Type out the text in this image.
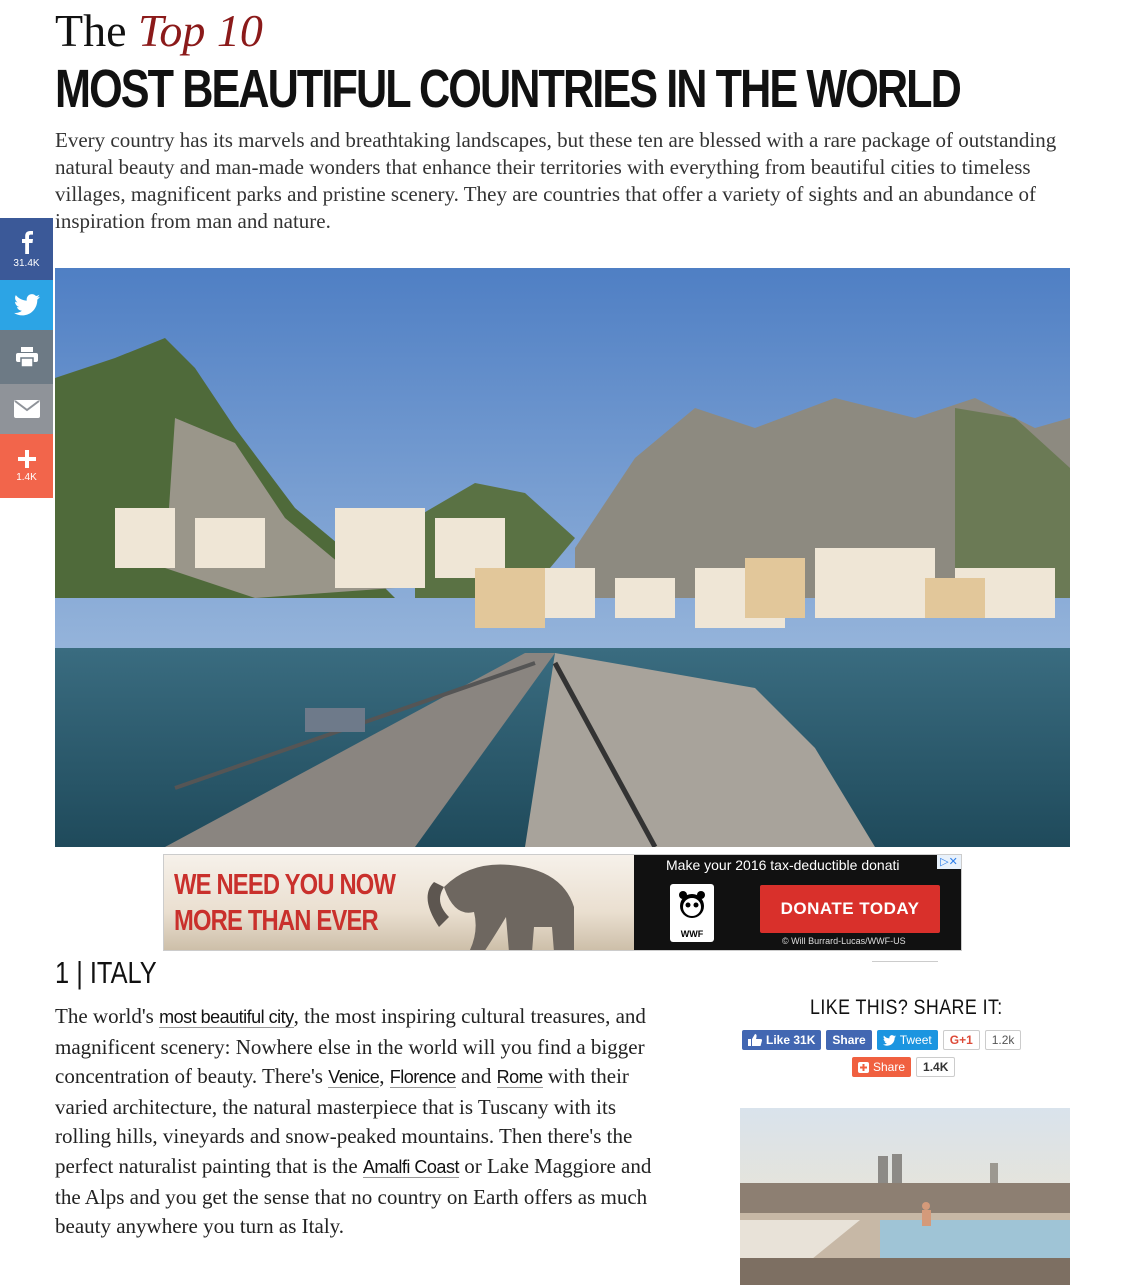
The Top 10
MOST BEAUTIFUL COUNTRIES IN THE WORLD

Every country has its marvels and breathtaking landscapes, but these ten are blessed with a rare package of outstanding natural beauty and man-made wonders that enhance their territories with everything from beautiful cities to timeless villages, magnificent parks and pristine scenery. They are countries that offer a variety of sights and an abundance of inspiration from man and nature.

31.4K
1.4K
WE NEED YOU NOW
MORE THAN EVER
Make your 2016 tax-deductible donati	▷✕
WWF
DONATE TODAY
© Will Burrard-Lucas/WWF-US
1 | ITALY

The world's most beautiful city, the most inspiring cultural treasures, and magnificent scenery: Nowhere else in the world will you find a bigger concentration of beauty. There's Venice, Florence and Rome with their varied architecture, the natural masterpiece that is Tuscany with its rolling hills, vineyards and snow-peaked mountains. Then there's the perfect naturalist painting that is the Amalfi Coast or Lake Maggiore and the Alps and you get the sense that no country on Earth offers as much beauty anywhere you turn as Italy.

LIKE THIS? SHARE IT:
Like 31K	Share	Tweet	G+1	1.2k
Share	1.4K
